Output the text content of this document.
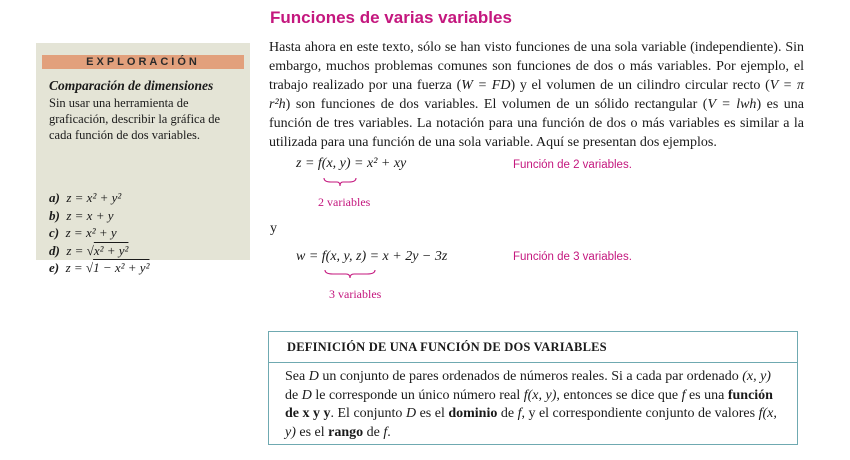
Funciones de varias variables
EXPLORACIÓN
Comparación de dimensiones
Sin usar una herramienta de graficación, describir la gráfica de cada función de dos variables.
a) z = x² + y²
b) z = x + y
c) z = x² + y
d) z = √x² + y²
e) z = √1 − x² + y²
Hasta ahora en este texto, sólo se han visto funciones de una sola variable (independiente). Sin embargo, muchos problemas comunes son funciones de dos o más variables. Por ejemplo, el trabajo realizado por una fuerza (W = FD) y el volumen de un cilindro circular recto (V = π r²h) son funciones de dos variables. El volumen de un sólido rectangular (V = lwh) es una función de tres variables. La notación para una función de dos o más variables es similar a la utilizada para una función de una sola variable. Aquí se presentan dos ejemplos.
z = f(x, y) = x² + xy	Función de 2 variables.
2 variables
y
w = f(x, y, z) = x + 2y − 3z	Función de 3 variables.
3 variables
DEFINICIÓN DE UNA FUNCIÓN DE DOS VARIABLES
Sea D un conjunto de pares ordenados de números reales. Si a cada par ordenado (x, y) de D le corresponde un único número real f(x, y), entonces se dice que f es una función de x y y. El conjunto D es el dominio de f, y el correspondiente conjunto de valores f(x, y) es el rango de f.
